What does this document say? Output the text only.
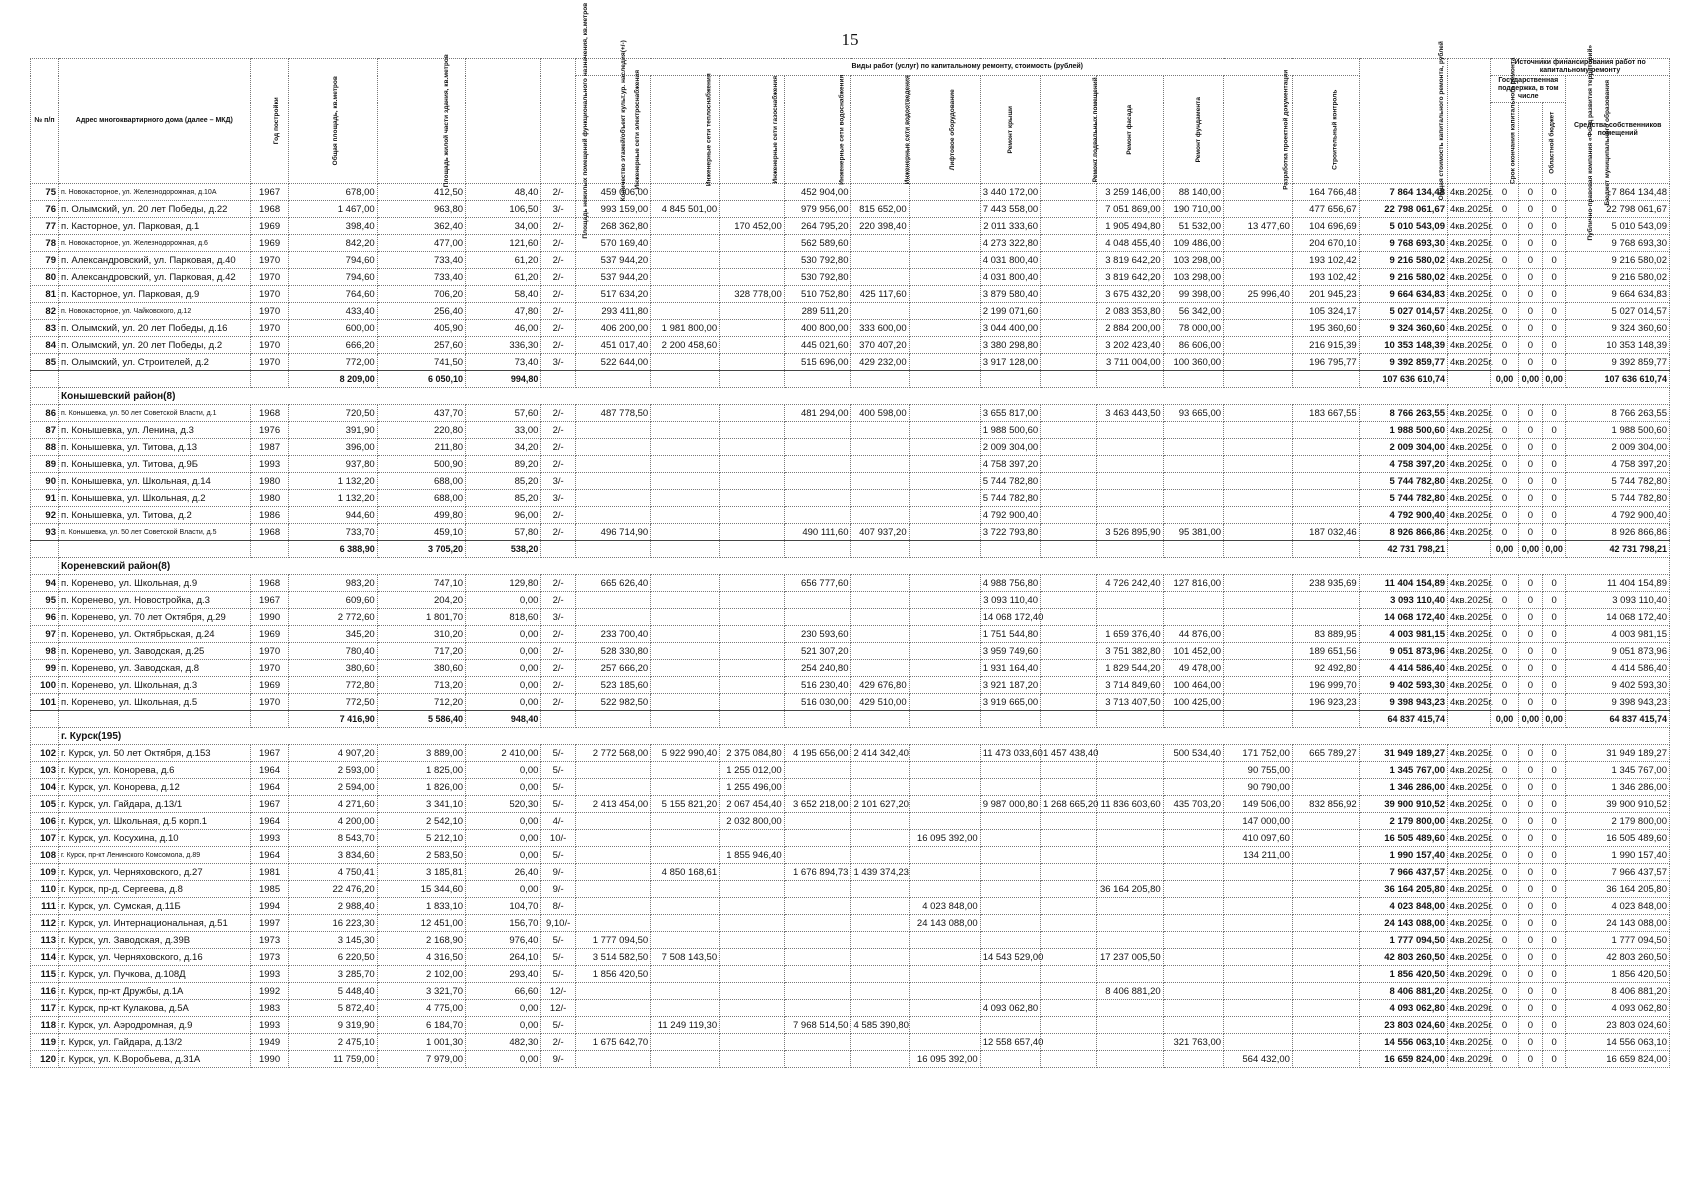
15
№ п/п	Адрес многоквартирного дома (далее – МКД)	Год постройки	Общая площадь, кв.метров	Площадь жилой части здания, кв.метров	Площадь нежилых помещений функционального назначения, кв.метров	Количество этажей/объект культ.ур. наследия(+/-)	Виды работ (услуг) по капитальному ремонту, стоимость (рублей)												Общая стоимость капитального ремонта, рублей	Срок окончания капитального ремонта	Источники финансирования работ по капитальному ремонту			
							Инженерные сети электроснабжения	Инженерные сети теплоснабжения	Инженерные сети газоснабжения	Инженерные сети водоснабжения	Инженерные сети водоотведения	Лифтовое оборудование	Ремонт крыши	Ремонт подвальных помещений	Ремонт фасада	Ремонт фундамента	Разработка проектной документации	Строительный контроль			Государственная поддержка, в том числе			Средства собственников помещений
																					Публично-правовая компания «Фонд развития территорий»	Областной бюджет	Бюджет муниципального образования	
75	п. Новокасторное, ул. Железнодорожная, д.10А	1967	678,00	412,50	48,40	2/-	459 006,00			452 904,00			3 440 172,00		3 259 146,00	88 140,00		164 766,48	7 864 134,48	4кв.2025г.	0	0	0	7 864 134,48
76	п. Олымский, ул. 20 лет Победы, д.22	1968	1 467,00	963,80	106,50	3/-	993 159,00	4 845 501,00		979 956,00	815 652,00		7 443 558,00		7 051 869,00	190 710,00		477 656,67	22 798 061,67	4кв.2025г.	0	0	0	22 798 061,67
77	п. Касторное, ул. Парковая, д.1	1969	398,40	362,40	34,00	2/-	268 362,80		170 452,00	264 795,20	220 398,40		2 011 333,60		1 905 494,80	51 532,00	13 477,60	104 696,69	5 010 543,09	4кв.2025г.	0	0	0	5 010 543,09
78	п. Новокасторное, ул. Железнодорожная, д.6	1969	842,20	477,00	121,60	2/-	570 169,40			562 589,60			4 273 322,80		4 048 455,40	109 486,00		204 670,10	9 768 693,30	4кв.2025г.	0	0	0	9 768 693,30
79	п. Александровский, ул. Парковая, д.40	1970	794,60	733,40	61,20	2/-	537 944,20			530 792,80			4 031 800,40		3 819 642,20	103 298,00		193 102,42	9 216 580,02	4кв.2025г.	0	0	0	9 216 580,02
80	п. Александровский, ул. Парковая, д.42	1970	794,60	733,40	61,20	2/-	537 944,20			530 792,80			4 031 800,40		3 819 642,20	103 298,00		193 102,42	9 216 580,02	4кв.2025г.	0	0	0	9 216 580,02
81	п. Касторное, ул. Парковая, д.9	1970	764,60	706,20	58,40	2/-	517 634,20		328 778,00	510 752,80	425 117,60		3 879 580,40		3 675 432,20	99 398,00	25 996,40	201 945,23	9 664 634,83	4кв.2025г.	0	0	0	9 664 634,83
82	п. Новокасторное, ул. Чайковского, д.12	1970	433,40	256,40	47,80	2/-	293 411,80			289 511,20			2 199 071,60		2 083 353,80	56 342,00		105 324,17	5 027 014,57	4кв.2025г.	0	0	0	5 027 014,57
83	п. Олымский, ул. 20 лет Победы, д.16	1970	600,00	405,90	46,00	2/-	406 200,00	1 981 800,00		400 800,00	333 600,00		3 044 400,00		2 884 200,00	78 000,00		195 360,60	9 324 360,60	4кв.2025г.	0	0	0	9 324 360,60
84	п. Олымский, ул. 20 лет Победы, д.2	1970	666,20	257,60	336,30	2/-	451 017,40	2 200 458,60		445 021,60	370 407,20		3 380 298,80		3 202 423,40	86 606,00		216 915,39	10 353 148,39	4кв.2025г.	0	0	0	10 353 148,39
85	п. Олымский, ул. Строителей, д.2	1970	772,00	741,50	73,40	3/-	522 644,00			515 696,00	429 232,00		3 917 128,00		3 711 004,00	100 360,00		196 795,77	9 392 859,77	4кв.2025г.	0	0	0	9 392 859,77
			8 209,00	6 050,10	994,80														107 636 610,74		0,00	0,00	0,00	107 636 610,74
	Конышевский район(8)																							
86	п. Конышевка, ул. 50 лет Советской Власти, д.1	1968	720,50	437,70	57,60	2/-	487 778,50			481 294,00	400 598,00		3 655 817,00		3 463 443,50	93 665,00		183 667,55	8 766 263,55	4кв.2025г.	0	0	0	8 766 263,55
87	п. Конышевка, ул. Ленина, д.3	1976	391,90	220,80	33,00	2/-							1 988 500,60						1 988 500,60	4кв.2025г.	0	0	0	1 988 500,60
88	п. Конышевка, ул. Титова, д.13	1987	396,00	211,80	34,20	2/-							2 009 304,00						2 009 304,00	4кв.2025г.	0	0	0	2 009 304,00
89	п. Конышевка, ул. Титова, д.9Б	1993	937,80	500,90	89,20	2/-							4 758 397,20						4 758 397,20	4кв.2025г.	0	0	0	4 758 397,20
90	п. Конышевка, ул. Школьная, д.14	1980	1 132,20	688,00	85,20	3/-							5 744 782,80						5 744 782,80	4кв.2025г.	0	0	0	5 744 782,80
91	п. Конышевка, ул. Школьная, д.2	1980	1 132,20	688,00	85,20	3/-							5 744 782,80						5 744 782,80	4кв.2025г.	0	0	0	5 744 782,80
92	п. Конышевка, ул. Титова, д.2	1986	944,60	499,80	96,00	2/-							4 792 900,40						4 792 900,40	4кв.2025г.	0	0	0	4 792 900,40
93	п. Конышевка, ул. 50 лет Советской Власти, д.5	1968	733,70	459,10	57,80	2/-	496 714,90			490 111,60	407 937,20		3 722 793,80		3 526 895,90	95 381,00		187 032,46	8 926 866,86	4кв.2025г.	0	0	0	8 926 866,86
			6 388,90	3 705,20	538,20														42 731 798,21		0,00	0,00	0,00	42 731 798,21
	Кореневский район(8)																							
94	п. Коренево, ул. Школьная, д.9	1968	983,20	747,10	129,80	2/-	665 626,40			656 777,60			4 988 756,80		4 726 242,40	127 816,00		238 935,69	11 404 154,89	4кв.2025г.	0	0	0	11 404 154,89
95	п. Коренево, ул. Новостройка, д.3	1967	609,60	204,20	0,00	2/-							3 093 110,40						3 093 110,40	4кв.2025г.	0	0	0	3 093 110,40
96	п. Коренево, ул. 70 лет Октября, д.29	1990	2 772,60	1 801,70	818,60	3/-							14 068 172,40						14 068 172,40	4кв.2025г.	0	0	0	14 068 172,40
97	п. Коренево, ул. Октябрьская, д.24	1969	345,20	310,20	0,00	2/-	233 700,40			230 593,60			1 751 544,80		1 659 376,40	44 876,00		83 889,95	4 003 981,15	4кв.2025г.	0	0	0	4 003 981,15
98	п. Коренево, ул. Заводская, д.25	1970	780,40	717,20	0,00	2/-	528 330,80			521 307,20			3 959 749,60		3 751 382,80	101 452,00		189 651,56	9 051 873,96	4кв.2025г.	0	0	0	9 051 873,96
99	п. Коренево, ул. Заводская, д.8	1970	380,60	380,60	0,00	2/-	257 666,20			254 240,80			1 931 164,40		1 829 544,20	49 478,00		92 492,80	4 414 586,40	4кв.2025г.	0	0	0	4 414 586,40
100	п. Коренево, ул. Школьная, д.3	1969	772,80	713,20	0,00	2/-	523 185,60			516 230,40	429 676,80		3 921 187,20		3 714 849,60	100 464,00		196 999,70	9 402 593,30	4кв.2025г.	0	0	0	9 402 593,30
101	п. Коренево, ул. Школьная, д.5	1970	772,50	712,20	0,00	2/-	522 982,50			516 030,00	429 510,00		3 919 665,00		3 713 407,50	100 425,00		196 923,23	9 398 943,23	4кв.2025г.	0	0	0	9 398 943,23
			7 416,90	5 586,40	948,40														64 837 415,74		0,00	0,00	0,00	64 837 415,74
	г. Курск(195)																							
102	г. Курск, ул. 50 лет Октября, д.153	1967	4 907,20	3 889,00	2 410,00	5/-	2 772 568,00	5 922 990,40	2 375 084,80	4 195 656,00	2 414 342,40		11 473 033,60	1 457 438,40		500 534,40	171 752,00	665 789,27	31 949 189,27	4кв.2025г.	0	0	0	31 949 189,27
103	г. Курск, ул. Конорева, д.6	1964	2 593,00	1 825,00	0,00	5/-			1 255 012,00								90 755,00		1 345 767,00	4кв.2025г.	0	0	0	1 345 767,00
104	г. Курск, ул. Конорева, д.12	1964	2 594,00	1 826,00	0,00	5/-			1 255 496,00								90 790,00		1 346 286,00	4кв.2025г.	0	0	0	1 346 286,00
105	г. Курск, ул. Гайдара, д.13/1	1967	4 271,60	3 341,10	520,30	5/-	2 413 454,00	5 155 821,20	2 067 454,40	3 652 218,00	2 101 627,20		9 987 000,80	1 268 665,20	11 836 603,60	435 703,20	149 506,00	832 856,92	39 900 910,52	4кв.2025г.	0	0	0	39 900 910,52
106	г. Курск, ул. Школьная, д.5 корп.1	1964	4 200,00	2 542,10	0,00	4/-			2 032 800,00								147 000,00		2 179 800,00	4кв.2025г.	0	0	0	2 179 800,00
107	г. Курск, ул. Косухина, д.10	1993	8 543,70	5 212,10	0,00	10/-						16 095 392,00					410 097,60		16 505 489,60	4кв.2025г.	0	0	0	16 505 489,60
108	г. Курск, пр-кт Ленинского Комсомола, д.89	1964	3 834,60	2 583,50	0,00	5/-			1 855 946,40								134 211,00		1 990 157,40	4кв.2025г.	0	0	0	1 990 157,40
109	г. Курск, ул. Черняховского, д.27	1981	4 750,41	3 185,81	26,40	9/-		4 850 168,61		1 676 894,73	1 439 374,23								7 966 437,57	4кв.2025г.	0	0	0	7 966 437,57
110	г. Курск, пр-д. Сергеева, д.8	1985	22 476,20	15 344,60	0,00	9/-									36 164 205,80				36 164 205,80	4кв.2025г.	0	0	0	36 164 205,80
111	г. Курск, ул. Сумская, д.11Б	1994	2 988,40	1 833,10	104,70	8/-						4 023 848,00							4 023 848,00	4кв.2025г.	0	0	0	4 023 848,00
112	г. Курск, ул. Интернациональная, д.51	1997	16 223,30	12 451,00	156,70	9,10/-						24 143 088,00							24 143 088,00	4кв.2025г.	0	0	0	24 143 088,00
113	г. Курск, ул. Заводская, д.39В	1973	3 145,30	2 168,90	976,40	5/-	1 777 094,50												1 777 094,50	4кв.2025г.	0	0	0	1 777 094,50
114	г. Курск, ул. Черняховского, д.16	1973	6 220,50	4 316,50	264,10	5/-	3 514 582,50	7 508 143,50					14 543 529,00		17 237 005,50				42 803 260,50	4кв.2025г.	0	0	0	42 803 260,50
115	г. Курск, ул. Пучкова, д.108Д	1993	3 285,70	2 102,00	293,40	5/-	1 856 420,50												1 856 420,50	4кв.2029г.	0	0	0	1 856 420,50
116	г. Курск, пр-кт Дружбы, д.1А	1992	5 448,40	3 321,70	66,60	12/-									8 406 881,20				8 406 881,20	4кв.2025г.	0	0	0	8 406 881,20
117	г. Курск, пр-кт Кулакова, д.5А	1983	5 872,40	4 775,00	0,00	12/-							4 093 062,80						4 093 062,80	4кв.2029г.	0	0	0	4 093 062,80
118	г. Курск, ул. Аэродромная, д.9	1993	9 319,90	6 184,70	0,00	5/-		11 249 119,30		7 968 514,50	4 585 390,80								23 803 024,60	4кв.2025г.	0	0	0	23 803 024,60
119	г. Курск, ул. Гайдара, д.13/2	1949	2 475,10	1 001,30	482,30	2/-	1 675 642,70						12 558 657,40			321 763,00			14 556 063,10	4кв.2025г.	0	0	0	14 556 063,10
120	г. Курск, ул. К.Воробьева, д.31А	1990	11 759,00	7 979,00	0,00	9/-						16 095 392,00					564 432,00		16 659 824,00	4кв.2029г.	0	0	0	16 659 824,00
